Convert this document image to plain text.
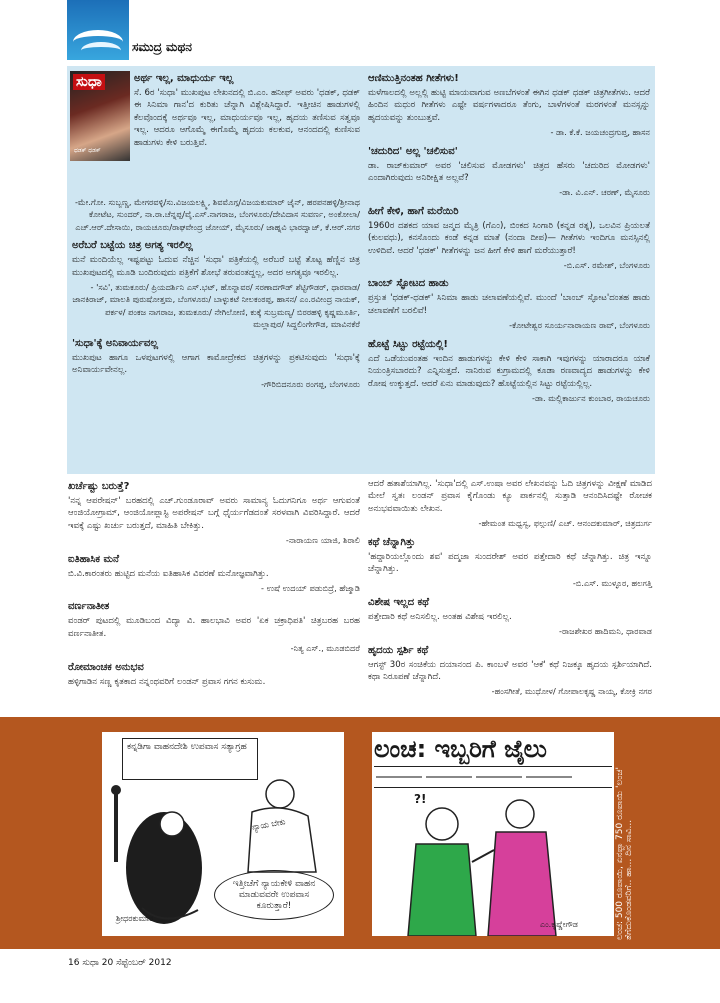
ಸಮುದ್ರ ಮಥನ
ಸುಧಾ
ಧಡಕ್ ಧಡಕ್

ಅರ್ಥ ಇಲ್ಲ, ಮಾಧುರ್ಯ ಇಲ್ಲ

ಸೆ. 6ರ 'ಸುಧಾ' ಮುಖಪುಟ ಲೇಖನದಲ್ಲಿ ಬಿ.ಎಂ. ಹನೀಫ್ ಅವರು 'ಧಡಕ್, ಧಡಕ್ ಈ ಸಿನಿಮಾ ಗಾನ'ದ ಕುರಿತು ಚೆನ್ನಾಗಿ ವಿಶ್ಲೇಷಿಸಿದ್ದಾರೆ. ಇತ್ತೀಚಿನ ಹಾಡುಗಳಲ್ಲಿ ಕೆಲವೊಂದಕ್ಕೆ ಅರ್ಥವೂ ಇಲ್ಲ, ಮಾಧುರ್ಯವೂ ಇಲ್ಲ, ಹೃದಯ ತಣಿಸುವ ಸತ್ವವೂ ಇಲ್ಲ. ಆದರೂ ಆಗೊಮ್ಮೆ ಈಗೊಮ್ಮೆ ಹೃದಯ ಕಲಕುವ, ಆನಂದದಲ್ಲಿ ಕುಣಿಸುವ ಹಾಡುಗಳು ಕೇಳಿ ಬರುತ್ತಿವೆ.

-ಮೇ.ಗೋ. ಸುಬ್ಬಣ್ಣ, ಮೇಗರವಳ್ಳಿ/ಸು.ವಿಜಯಲಕ್ಷ್ಮಿ, ಶಿವಮೊಗ್ಗ/ವಿಜಯಕುಮಾರ್ ಜೈನ್, ಹರಪನಹಳ್ಳಿ/ಶ್ರೀನಾಥ ಕೋಟೆಟ, ಸುಂದರ್, ನಾ.ರಾ.ಚೆನ್ನಪ್ಪ/ವೈ.ಎಸ್.ನಾಗರಾಜ, ಬೆಂಗಳೂರು/ದೇವಿದಾಸ ಸುವರ್ಣ, ಅಂಕೋಲಾ/ಎಚ್.ಆರ್.ದೇಸಾಯಿ, ರಾಯಚೂರು/ರಾಘವೇಂದ್ರ ಜೋಯ್, ಮೈಸೂರು/ ಜಾಹ್ನವಿ ಭಾರದ್ವಾಜ್, ಕೆ.ಆರ್.ನಗರ

ಅರೆಬರೆ ಬಟ್ಟೆಯ ಚಿತ್ರ ಅಗತ್ಯ ಇರಲಿಲ್ಲ

ಮನೆ ಮಂದಿಯೆಲ್ಲ ಇಷ್ಟಪಟ್ಟು ಓದುವ ನೆಚ್ಚಿನ 'ಸುಧಾ' ಪತ್ರಿಕೆಯಲ್ಲಿ ಅರೆಬರೆ ಬಟ್ಟೆ ತೊಟ್ಟ ಹೆಣ್ಣಿನ ಚಿತ್ರ ಮುಖಪುಟದಲ್ಲಿ ಮೂಡಿ ಬಂದಿರುವುದು ಪತ್ರಿಕೆಗೆ ಶೋಭೆ ತರುವಂತದ್ದಲ್ಲ, ಅದರ ಅಗತ್ಯವೂ ಇರಲಿಲ್ಲ.

- 'ಸವಿ', ತುಮಕೂರು/ ಪ್ರಿಯದರ್ಶಿನಿ ಎಸ್.ಭಟ್, ಹೊನ್ನಾವರ/ ಸರಣಾದಗೌಡ್ ಶೆಟ್ಟಿಗೌಡರ್, ಧಾರವಾಡ/ ಜಾನಕಿರಾಜ್, ಮಾಲತಿ ಪುರುಷೋತ್ತಮ, ಬೆಂಗಳೂರು/ ಬಾಳ್ಳುಕಟೆ ನೀಲಕಂಠಪ್ಪ, ಹಾಸನ/ ಎಂ.ರವೀಂದ್ರ ನಾಯಕ್, ಪರ್ಕಳ/ ಪಂಕಜ ನಾಗರಾಜ, ತುಮಕೂರು/ ನೇಗಿಲೋಣಿ, ಕುಕ್ಕೆ ಸುಬ್ರಮಣ್ಯ/ ಬಿರರಹಳ್ಳಿ ಕೃಷ್ಣಮೂರ್ತಿ, ಮಲ್ಲಾಪುರ/ ಸಿದ್ದಲಿಂಗೇಗೌಡ, ಮಾವಿನಕೆರೆ

'ಸುಧಾ'ಕ್ಕೆ ಅನಿವಾರ್ಯವಲ್ಲ

ಮುಖಪುಟ ಹಾಗೂ ಒಳಪುಟಗಳಲ್ಲಿ ಆಗಾಗ ಕಾಮೋದ್ರೇಕದ ಚಿತ್ರಗಳನ್ನು ಪ್ರಕಟಿಸುವುದು 'ಸುಧಾ'ಕ್ಕೆ ಅನಿವಾರ್ಯವೇನಲ್ಲ.

-ಗೌರಿಬಿದನೂರು ರಂಗಪ್ಪ, ಬೆಂಗಳೂರು

ಆಣಿಮುತ್ತಿನಂತಹ ಗೀತೆಗಳು!

ಮಳೆಗಾಲದಲ್ಲಿ ಅಲ್ಲಲ್ಲಿ ಹುಟ್ಟಿ ಮಾಯವಾಗುವ ಅಣಬೆಗಳಂತೆ ಈಗಿನ ಧಡಕ್ ಧಡಕ್ ಚಿತ್ರಗೀತೆಗಳು. ಆದರೆ ಹಿಂದಿನ ಮಧುರ ಗೀತೆಗಳು ಎಷ್ಟೇ ವರ್ಷಗಳಾದರೂ ತೆಂಗು, ಬಾಳೆಗಳಂತೆ ಮರಗಳಂತೆ ಮನಸ್ಸನ್ನು ಹೃದಯವನ್ನು ತುಂಬುತ್ತವೆ.

- ಡಾ. ಕೆ.ಕೆ. ಜಯಚಂದ್ರಗುಪ್ತ, ಹಾಸನ

'ಚದುರಿದ' ಅಲ್ಲ 'ಚಲಿಸುವ'

ಡಾ. ರಾಜ್‌ಕುಮಾರ್ ಅವರ 'ಚಲಿಸುವ ಮೋಡಗಳು' ಚಿತ್ರದ ಹೆಸರು 'ಚದುರಿದ ಮೋಡಗಳು' ಎಂದಾಗಿರುವುದು ಅನಿರೀಕ್ಷಿತ ಅಲ್ಲವೆ?

-ಡಾ. ವಿ.ಎನ್. ಚರಣ್, ಮೈಸೂರು

ಹೀಗೆ ಕೇಳಿ, ಹಾಗೆ ಮರೆಯಿರಿ

1960ರ ದಶಕದ ಯಾವ ಜನ್ಮದ ಮೈತ್ರಿ (ಗೆಎಂ), ಬಿಂಕದ ಸಿಂಗಾರಿ (ಕನ್ನಡ ರತ್ನ), ಒಲವಿನ ಪ್ರಿಯಲತೆ (ಕುಲವಧು), ಕನಸೊಂದು ಕಂಡೆ ಕನ್ನಡ ಮಾತೆ (ನಂದಾ ದೀಪ)— ಗೀತೆಗಳು ಇಂದಿಗೂ ಮನಸ್ಸಿನಲ್ಲಿ ಉಳಿದಿವೆ. ಆದರೆ 'ಧಡಕ್' ಗೀತೆಗಳನ್ನು ಜನ ಹೀಗೆ ಕೇಳಿ ಹಾಗೆ ಮರೆಯುತ್ತಾರೆ!

-ಬಿ.ಎಸ್. ರಮೇಶ್, ಬೆಂಗಳೂರು

ಬಾಂಬ್ ಸ್ಫೋಟದ ಹಾಡು

ಪ್ರಸ್ತುತ 'ಧಡಕ್-ಧಡಕ್' ಸಿನಿಮಾ ಹಾಡು ಚಲಾವಣೆಯಲ್ಲಿವೆ. ಮುಂದೆ 'ಬಾಂಬ್ ಸ್ಫೋಟ'ದಂತಹ ಹಾಡು ಚಲಾವಣೆಗೆ ಬರಲಿವೆ!

-ಕೋಟೇಶ್ವರ ಸೂರ್ಯನಾರಾಯಣ ರಾವ್, ಬೆಂಗಳೂರು

ಹೊಟ್ಟೆ ಸಿಟ್ಟು ರಟ್ಟೆಯಲ್ಲಿ!

ಎದೆ ಒಡೆಯುವಂತಹ ಇಂದಿನ ಹಾಡುಗಳನ್ನು ಕೇಳಿ ಕೇಳಿ ಸಾಕಾಗಿ ಇವುಗಳನ್ನು ಯಾರಾದರೂ ಯಾಕೆ ನಿಯಂತ್ರಿಸಬಾರದು? ಎನ್ನಿಸುತ್ತದೆ. ನಾನಿರುವ ಕುಗ್ರಾಮದಲ್ಲಿ ಕೂಡಾ ರಣವಾದ್ಯದ ಹಾಡುಗಳನ್ನು ಕೇಳಿ ರೋಷ ಉಕ್ಕುತ್ತದೆ. ಆದರೆ ಏನು ಮಾಡುವುದು? ಹೊಟ್ಟೆಯಲ್ಲಿನ ಸಿಟ್ಟು ರಟ್ಟೆಯಲ್ಲಿಲ್ಲ.

-ಡಾ. ಮಲ್ಲಿಕಾರ್ಜುನ ಕುಂಬಾರ, ರಾಯಚೂರು

ಖರ್ಚೆಷ್ಟು ಬರುತ್ತೆ?

'ನನ್ನ ಆಪರೇಷನ್' ಬರಹದಲ್ಲಿ ಎಚ್.ಗುಂಡೂರಾವ್ ಅವರು ಸಾಮಾನ್ಯ ಓದುಗನಿಗೂ ಅರ್ಥ ಆಗುವಂತೆ ಆಂಜಿಯೋಗ್ರಾಮ್, ಆಂಜಿಯೋಪ್ಲಾಸ್ಟಿ ಅಪರೇಷನ್ ಬಗ್ಗೆ ಧೈರ್ಯಗೆಡದಂತೆ ಸರಳವಾಗಿ ವಿವರಿಸಿದ್ದಾರೆ. ಆದರೆ ಇವಕ್ಕೆ ಎಷ್ಟು ಖರ್ಚು ಬರುತ್ತದೆ, ಮಾಹಿತಿ ಬೇಕಿತ್ತು.

-ನಾರಾಯಣ ಯಾಜಿ, ಶಿರಾಲಿ

ಐತಿಹಾಸಿಕ ಮನೆ

ಬಿ.ವಿ.ಕಾರಂತರು ಹುಟ್ಟಿದ ಮನೆಯ ಐತಿಹಾಸಿಕ ವಿವರಣೆ ಮನೋಜ್ಞವಾಗಿತ್ತು.

- ಉಷೆ ಉದಯ್ ಪಡುಬಿದ್ರೆ, ಹೆಜ್ಮಾಡಿ

ವರ್ಣನಾತೀತ

ವಂಡರ್ ಪುಟದಲ್ಲಿ ಮೂಡಿಬಂದ ವಿದ್ಯಾ ವಿ. ಹಾಲಭಾವಿ ಅವರ 'ಏಕ ಚಕ್ರಾಧಿಪತಿ' ಚಿತ್ರಬರಹ ಬರಹ ವರ್ಣನಾತೀತ.

-ನಿತ್ಯ ಎಸ್., ಮೂಡಬಿದರೆ

ರೋಮಾಂಚಕ ಅನುಭವ

ಹಳ್ಳಿಗಾಡಿನ ಸಣ್ಣ ಕೃತಕಾದ ನನ್ನಂಥವರಿಗೆ ಲಂಡನ್ ಪ್ರವಾಸ ಗಗನ ಕುಸುಮ.

ಆದರೆ ಹತಾಶೆಯಾಗಿಲ್ಲ. 'ಸುಧಾ'ದಲ್ಲಿ ಎಸ್.ಉಷಾ ಅವರ ಲೇಖನವನ್ನು ಓದಿ ಚಿತ್ರಗಳನ್ನು ವೀಕ್ಷಣೆ ಮಾಡಿದ ಮೇಲೆ ಸ್ವತಃ ಲಂಡನ್ ಪ್ರವಾಸ ಕೈಗೊಂಡು ಕ್ಯೂ ಪಾರ್ಕನಲ್ಲಿ ಸುತ್ತಾಡಿ ಆನಂದಿಸಿದಷ್ಟೇ ರೋಚಕ ಅನುಭವವಾಯಿತು ಲೇಖನ.

-ಹೇಮಂತ ಮಧ್ವಸ್ವ, ಫಲ್ಗುಣಿ/ ಎಚ್. ಆನಂದಕುಮಾರ್, ಚಿತ್ರದುರ್ಗ

ಕಥೆ ಚೆನ್ನಾಗಿತ್ತು

'ಹದ್ದಾರಿಯಲ್ಲೊಂದು ಶವ' ಪದ್ಮಜಾ ಸುಂದರೇಶ್ ಅವರ ಪತ್ತೇದಾರಿ ಕಥೆ ಚೆನ್ನಾಗಿತ್ತು. ಚಿತ್ರ ಇನ್ನೂ ಚೆನ್ನಾಗಿತ್ತು.

-ಬಿ.ಎಸ್. ಮುಳ್ಳೂರ, ಹಲಗತ್ತಿ

ವಿಶೇಷ ಇಲ್ಲದ ಕಥೆ

ಪತ್ತೇದಾರಿ ಕಥೆ ಅನಿಸಲಿಲ್ಲ. ಅಂತಹ ವಿಶೇಷ ಇರಲಿಲ್ಲ.

-ರಾಜಶೇಖರ ಹಾದಿಮನಿ, ಧಾರವಾಡ

ಹೃದಯ ಸ್ಪರ್ಶಿ ಕಥೆ

ಆಗಸ್ಟ್ 30ರ ಸಂಚಿಕೆಯ ದಯಾನಂದ ಪಿ. ಕಾಂಬಳೆ ಅವರ 'ಆಕೆ' ಕಥೆ ನಿಜಕ್ಕೂ ಹೃದಯ ಸ್ಪರ್ಶಿಯಾಗಿದೆ. ಕಥಾ ನಿರೂಪಣೆ ಚೆನ್ನಾಗಿದೆ.

-ಹಂಸಗೀತೆ, ಮುಧೋಳ/ ಗೋಪಾಲಕೃಷ್ಣ ನಾಯ್ಕ, ಕೋಕ್ರಿ ನಗರ

ಕನ್ನಡಿಗಾ ವಾಹನದೇಶಿ ಉಪವಾಸ ಸತ್ಯಾಗ್ರಹ
ನ್ಯಾಯ ಬೇಕು
ಇತ್ತೀಚೆಗೆ ನ್ಯಾಯಕೇಳಿ ವಾಹನ ಮಾಡುವವರೇ ಉಪವಾಸ ಕೂರುತ್ತಾರೆ!
ಶ್ರೀಧರಕುಮಾರ
ಲಂಚ: ಇಬ್ಬರಿಗೆ ಜೈಲು
?!
ಎಂ.ಕೃಷ್ಣೇಗೌಡ	ಲಂಚ: 500 ರೂಪಾಯಿ, ಏನಪ್ಪಾ 750 ರೂಪಾಯಿ 'ಲಂಚ' ತೆಗೆದುಕೊಂಡವರಿಗೆ.. ಹಾ... ದಿನ ಸಾವಿ...
16 ಸುಧಾ 20 ಸೆಪ್ಟೆಂಬರ್ 2012
